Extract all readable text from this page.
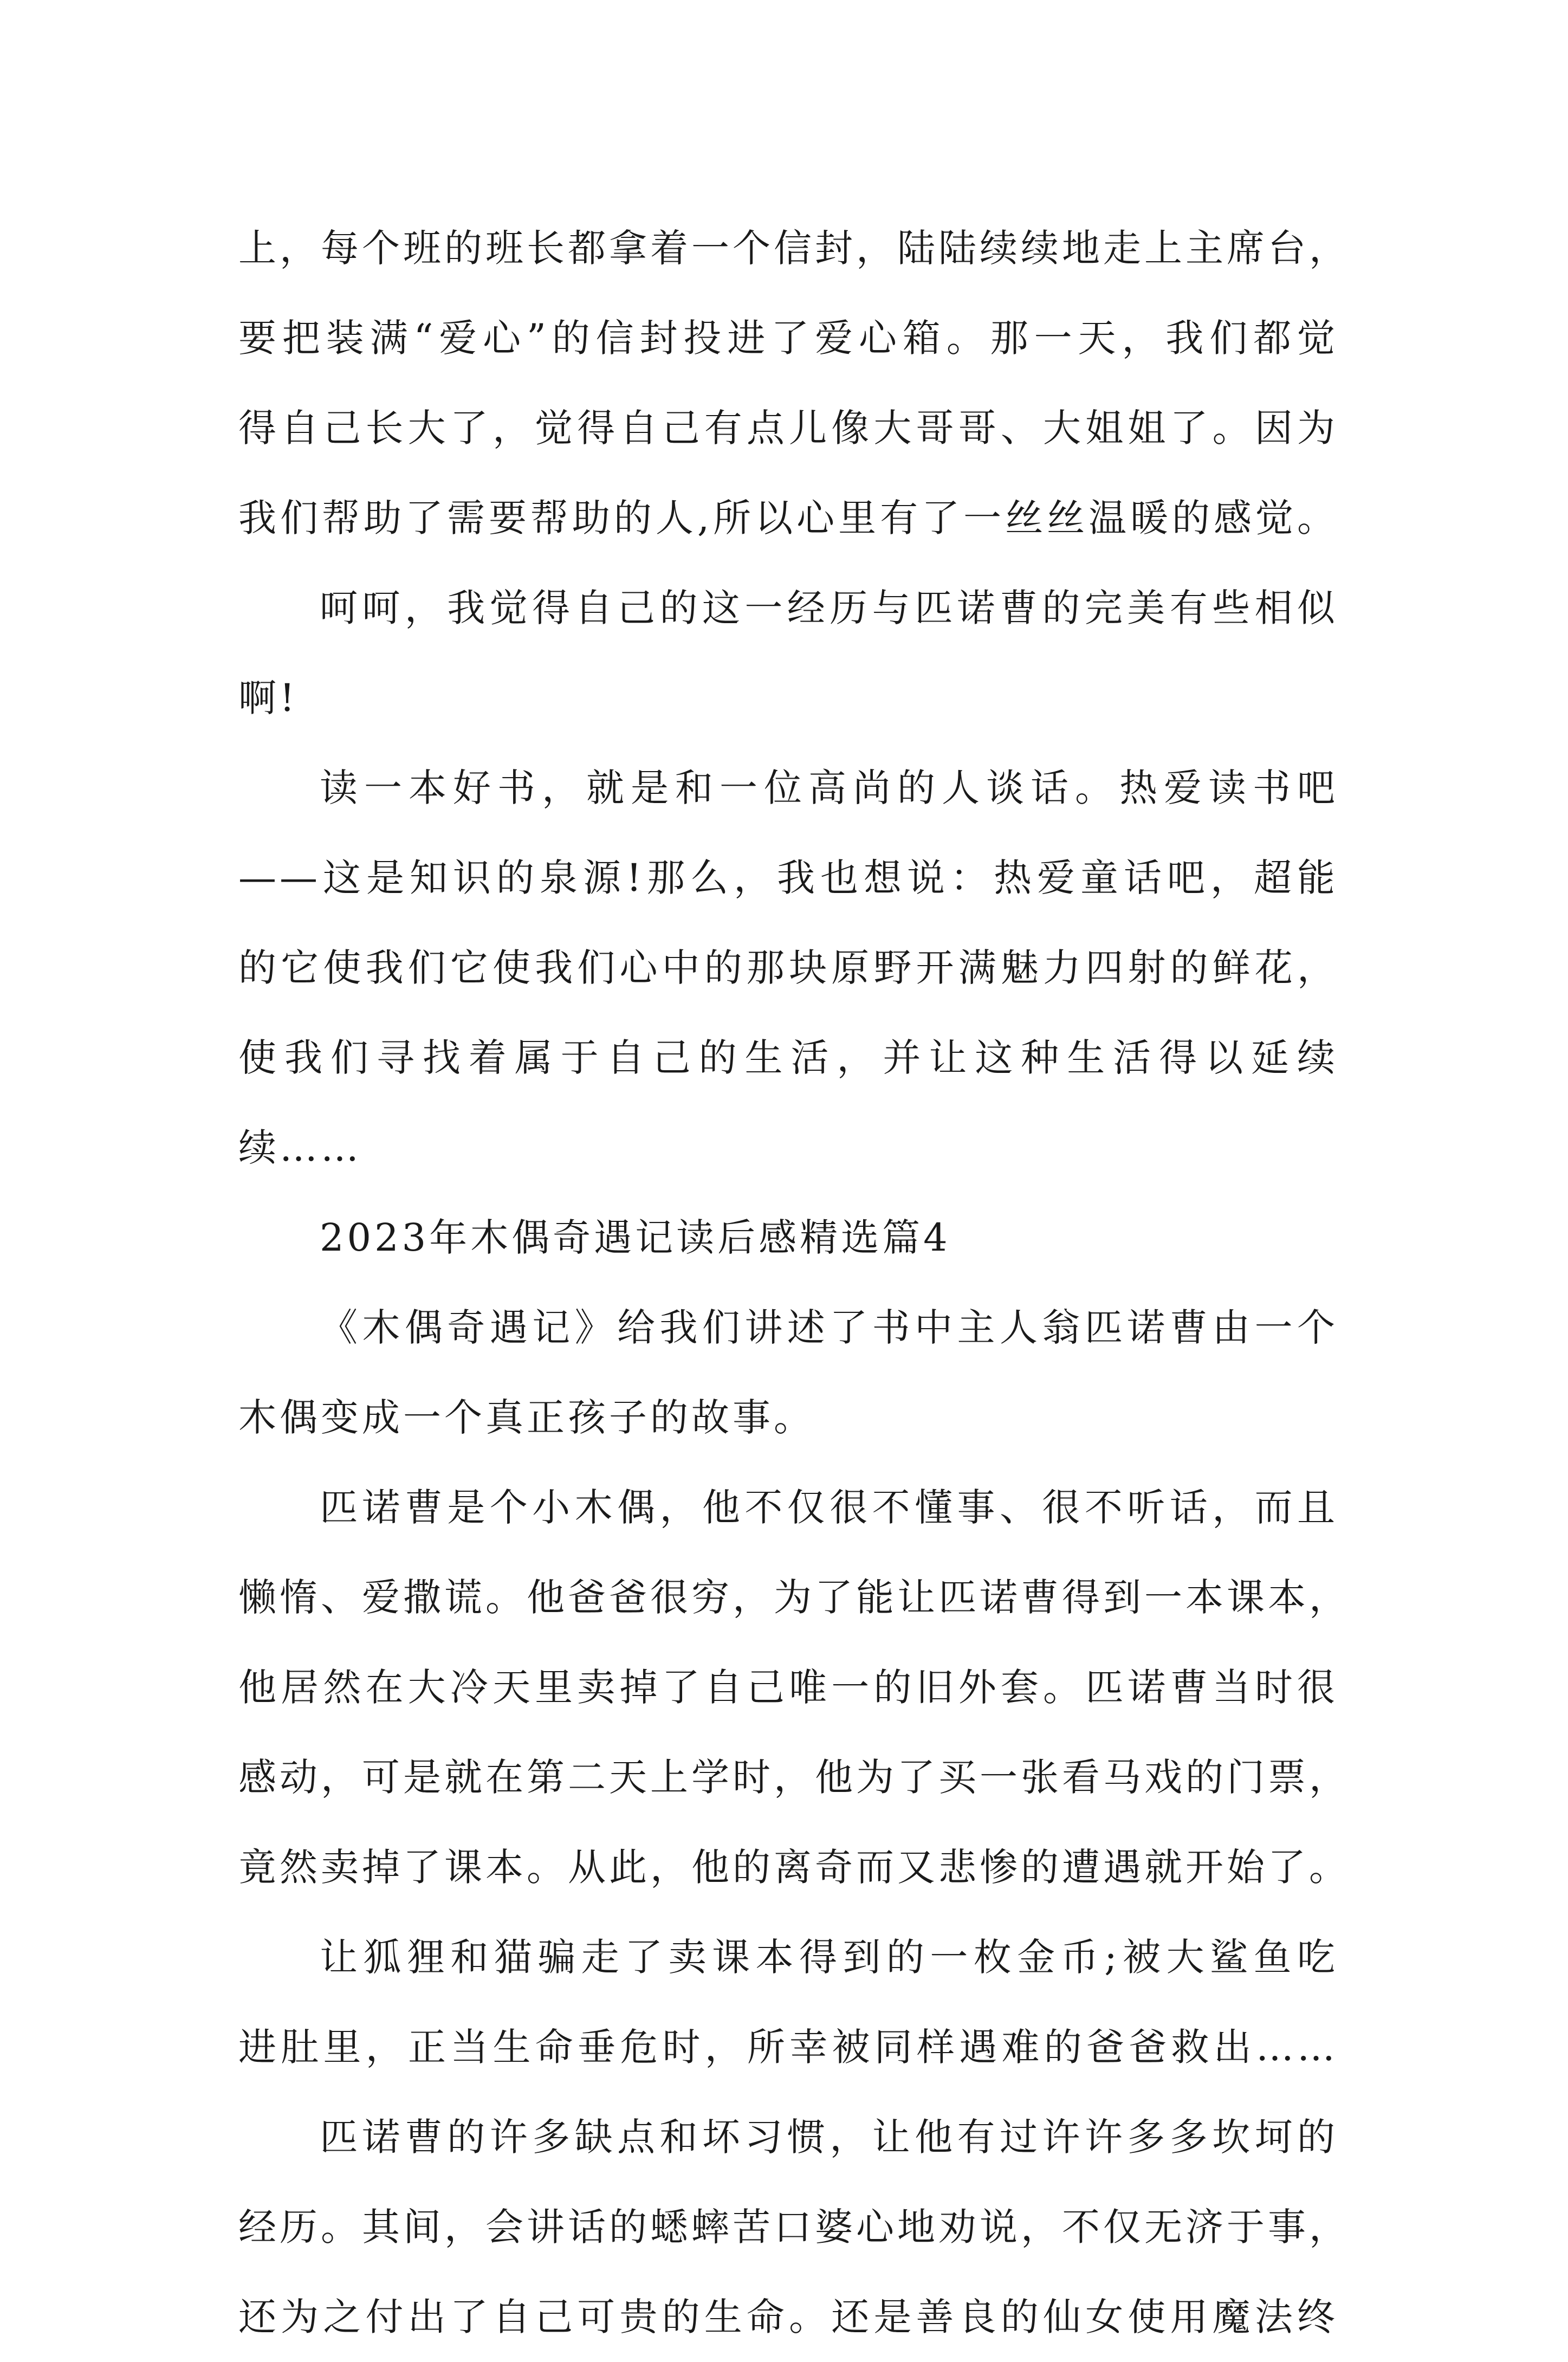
上，每个班的班长都拿着一个信封，陆陆续续地走上主席台，
要把装满“爱心”的信封投进了爱心箱。那一天，我们都觉
得自己长大了，觉得自己有点儿像大哥哥、大姐姐了。因为
我们帮助了需要帮助的人,所以心里有了一丝丝温暖的感觉。
呵呵，我觉得自己的这一经历与匹诺曹的完美有些相似
啊!
读一本好书，就是和一位高尚的人谈话。热爱读书吧
——这是知识的泉源!那么，我也想说：热爱童话吧，超能
的它使我们它使我们心中的那块原野开满魅力四射的鲜花，
使我们寻找着属于自己的生活，并让这种生活得以延续
续……
2023年木偶奇遇记读后感精选篇4
《木偶奇遇记》给我们讲述了书中主人翁匹诺曹由一个
木偶变成一个真正孩子的故事。
匹诺曹是个小木偶，他不仅很不懂事、很不听话，而且
懒惰、爱撒谎。他爸爸很穷，为了能让匹诺曹得到一本课本，
他居然在大冷天里卖掉了自己唯一的旧外套。匹诺曹当时很
感动，可是就在第二天上学时，他为了买一张看马戏的门票，
竟然卖掉了课本。从此，他的离奇而又悲惨的遭遇就开始了。
让狐狸和猫骗走了卖课本得到的一枚金币;被大鲨鱼吃
进肚里，正当生命垂危时，所幸被同样遇难的爸爸救出……
匹诺曹的许多缺点和坏习惯，让他有过许许多多坎坷的
经历。其间，会讲话的蟋蟀苦口婆心地劝说，不仅无济于事，
还为之付出了自己可贵的生命。还是善良的仙女使用魔法终
